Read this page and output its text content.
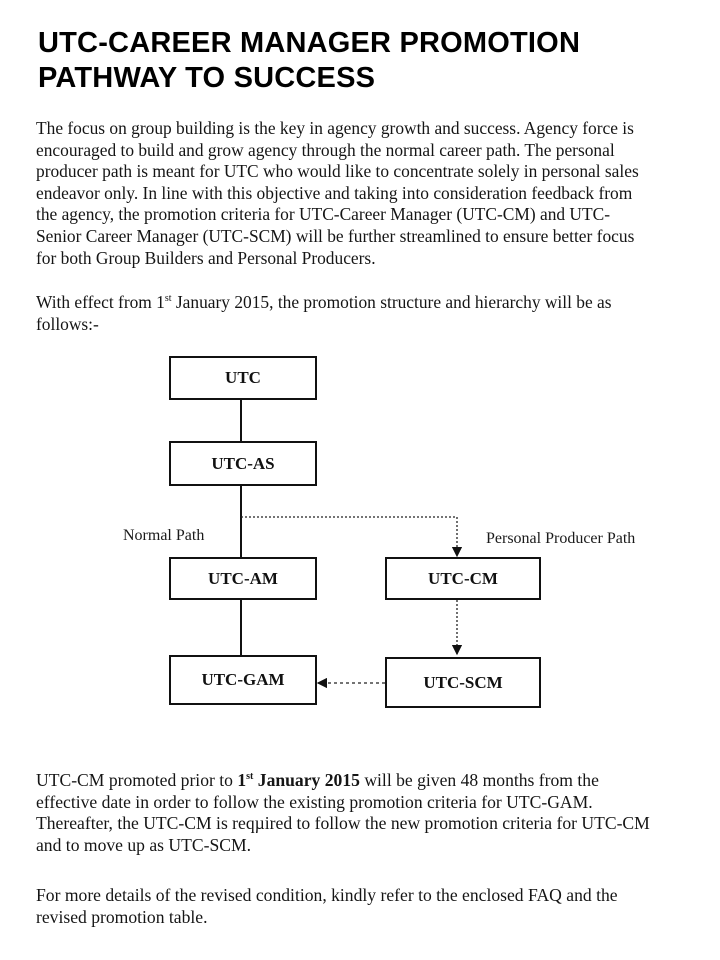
UTC-CAREER MANAGER PROMOTION
PATHWAY TO SUCCESS
The focus on group building is the key in agency growth and success. Agency force is
encouraged to build and grow agency through the normal career path. The personal
producer path is meant for UTC who would like to concentrate solely in personal sales
endeavor only. In line with this objective and taking into consideration feedback from
the agency, the promotion criteria for UTC-Career Manager (UTC-CM) and UTC-
Senior Career Manager (UTC-SCM) will be further streamlined to ensure better focus
for both Group Builders and Personal Producers.
With effect from 1st January 2015, the promotion structure and hierarchy will be as
follows:-
UTC
UTC-AS
UTC-AM
UTC-GAM
UTC-CM
UTC-SCM
Normal Path	Personal Producer Path
UTC-CM promoted prior to 1st January 2015 will be given 48 months from the
effective date in order to follow the existing promotion criteria for UTC-GAM.
Thereafter, the UTC-CM is reqµired to follow the new promotion criteria for UTC-CM
and to move up as UTC-SCM.
For more details of the revised condition, kindly refer to the enclosed FAQ and the
revised promotion table.
